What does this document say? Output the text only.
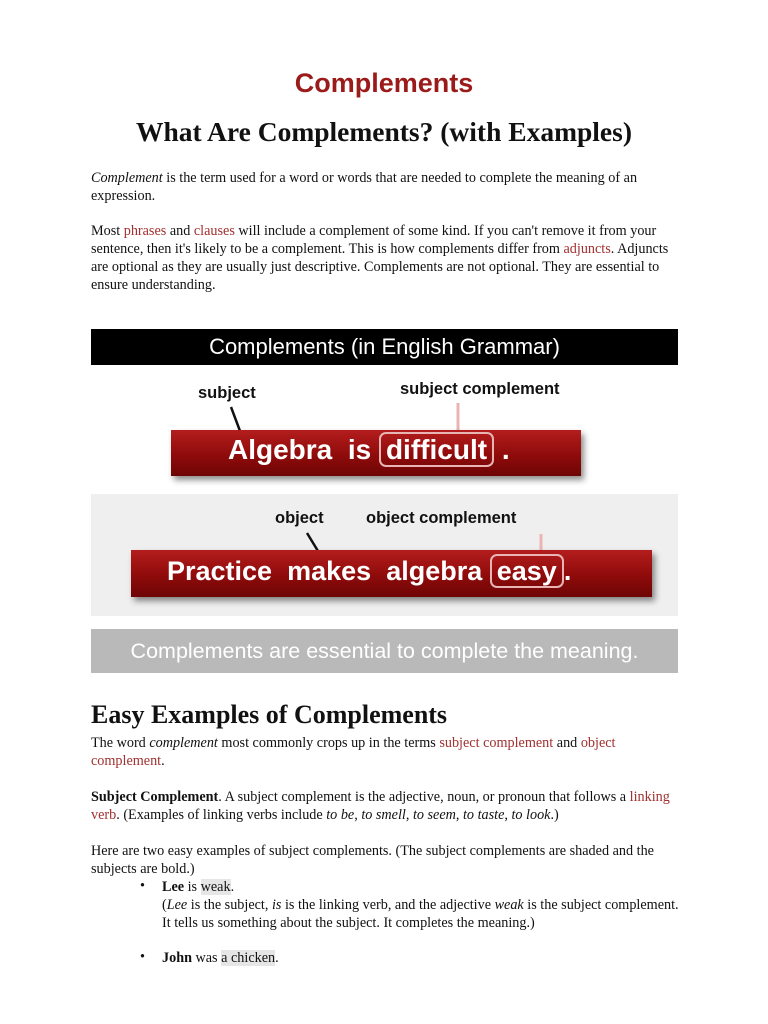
Complements
What Are Complements? (with Examples)
Complement is the term used for a word or words that are needed to complete the meaning of an expression.
Most phrases and clauses will include a complement of some kind. If you can't remove it from your sentence, then it's likely to be a complement. This is how complements differ from adjuncts. Adjuncts are optional as they are usually just descriptive. Complements are not optional. They are essential to ensure understanding.
Complements (in English Grammar)
subject	subject complement
Algebra is difficult .
object	object complement
Practice makes algebra easy .
Complements are essential to complete the meaning.
Easy Examples of Complements
The word complement most commonly crops up in the terms subject complement and object complement.
Subject Complement. A subject complement is the adjective, noun, or pronoun that follows a linking verb. (Examples of linking verbs include to be, to smell, to seem, to taste, to look.)
Here are two easy examples of subject complements. (The subject complements are shaded and the subjects are bold.)
• Lee is weak.
(Lee is the subject, is is the linking verb, and the adjective weak is the subject complement. It tells us something about the subject. It completes the meaning.)
• John was a chicken.
